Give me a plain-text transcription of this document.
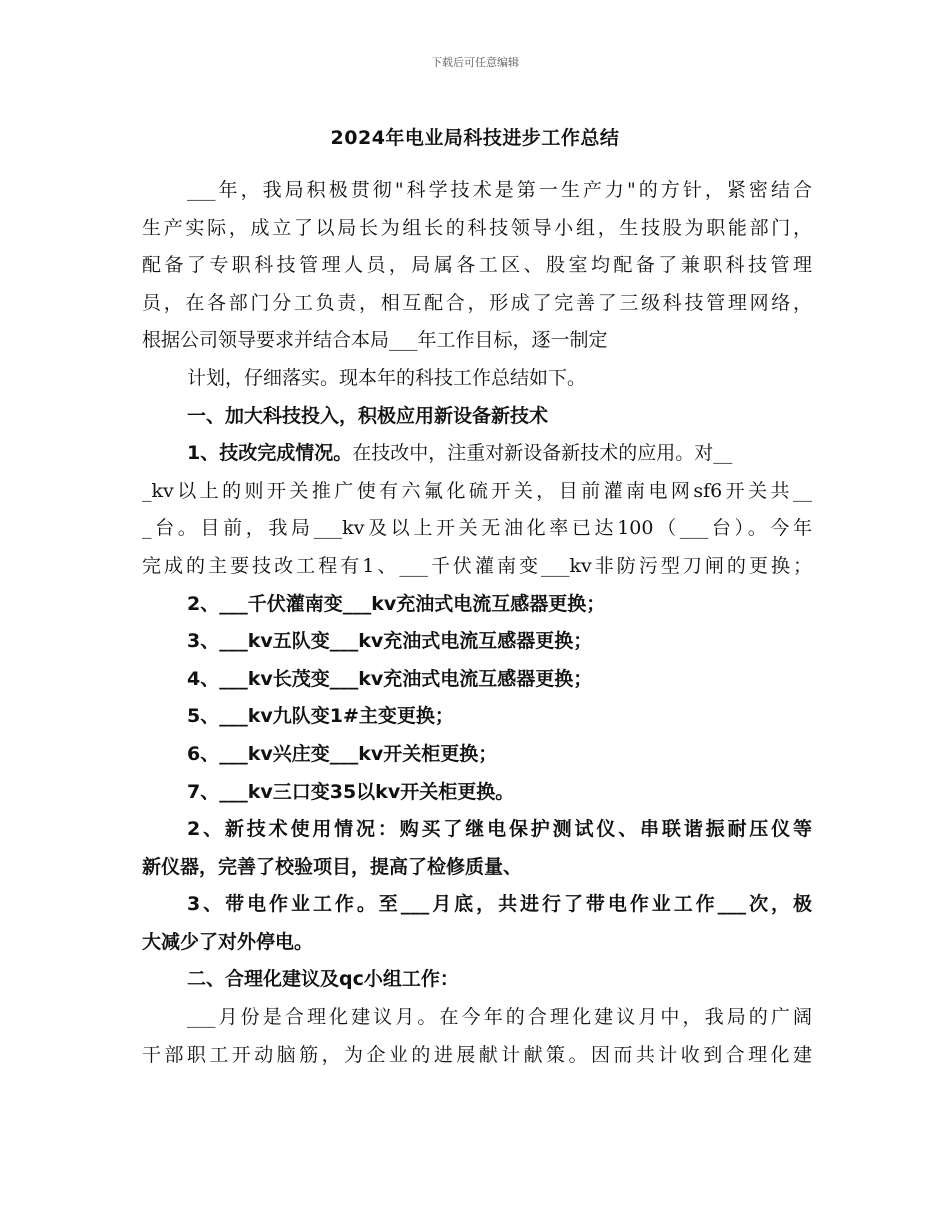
下载后可任意编辑
2024年电业局科技进步工作总结
___年，我局积极贯彻"科学技术是第一生产力"的方针，紧密结合
生产实际，成立了以局长为组长的科技领导小组，生技股为职能部门，
配备了专职科技管理人员，局属各工区、股室均配备了兼职科技管理
员，在各部门分工负责，相互配合，形成了完善了三级科技管理网络，
根据公司领导要求并结合本局___年工作目标，逐一制定
计划，仔细落实。现本年的科技工作总结如下。
一、加大科技投入，积极应用新设备新技术
1、技改完成情况。在技改中，注重对新设备新技术的应用。对__
_kv以上的则开关推广使有六氟化硫开关，目前灌南电网sf6开关共__
_台。目前，我局___kv及以上开关无油化率已达100（___台）。今年
完成的主要技改工程有1、___千伏灌南变___kv非防污型刀闸的更换；
2、___千伏灌南变___kv充油式电流互感器更换；
3、___kv五队变___kv充油式电流互感器更换；
4、___kv长茂变___kv充油式电流互感器更换；
5、___kv九队变1#主变更换；
6、___kv兴庄变___kv开关柜更换；
7、___kv三口变35以kv开关柜更换。
2、新技术使用情况：购买了继电保护测试仪、串联谐振耐压仪等
新仪器，完善了校验项目，提高了检修质量、
3、带电作业工作。至___月底，共进行了带电作业工作___次，极
大减少了对外停电。
二、合理化建议及qc小组工作：
___月份是合理化建议月。在今年的合理化建议月中，我局的广阔
干部职工开动脑筋，为企业的进展献计献策。因而共计收到合理化建
